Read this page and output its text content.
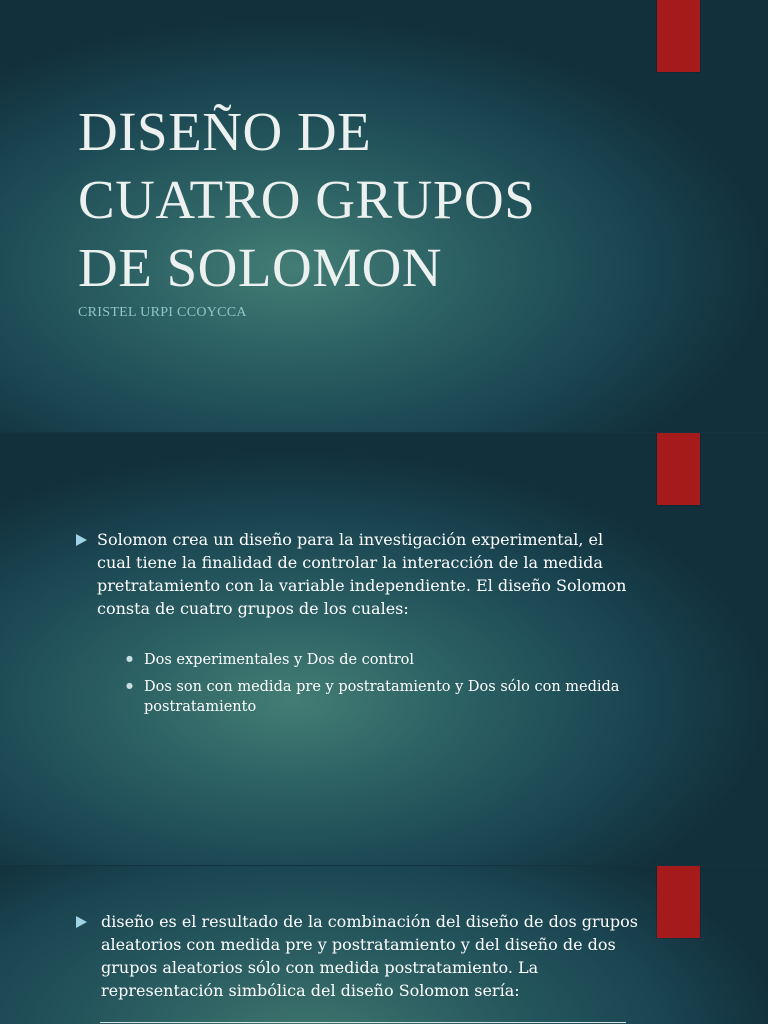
DISEÑO DE
CUATRO GRUPOS
DE SOLOMON

CRISTEL URPI CCOYCCA

Solomon crea un diseño para la investigación experimental, el cual tiene la finalidad de controlar la interacción de la medida pretratamiento con la variable independiente. El diseño Solomon consta de cuatro grupos de los cuales:
● Dos experimentales y Dos de control
● Dos son con medida pre y postratamiento y Dos sólo con medida postratamiento
diseño es el resultado de la combinación del diseño de dos grupos aleatorios con medida pre y postratamiento y del diseño de dos grupos aleatorios sólo con medida postratamiento. La representación simbólica del diseño Solomon sería:
